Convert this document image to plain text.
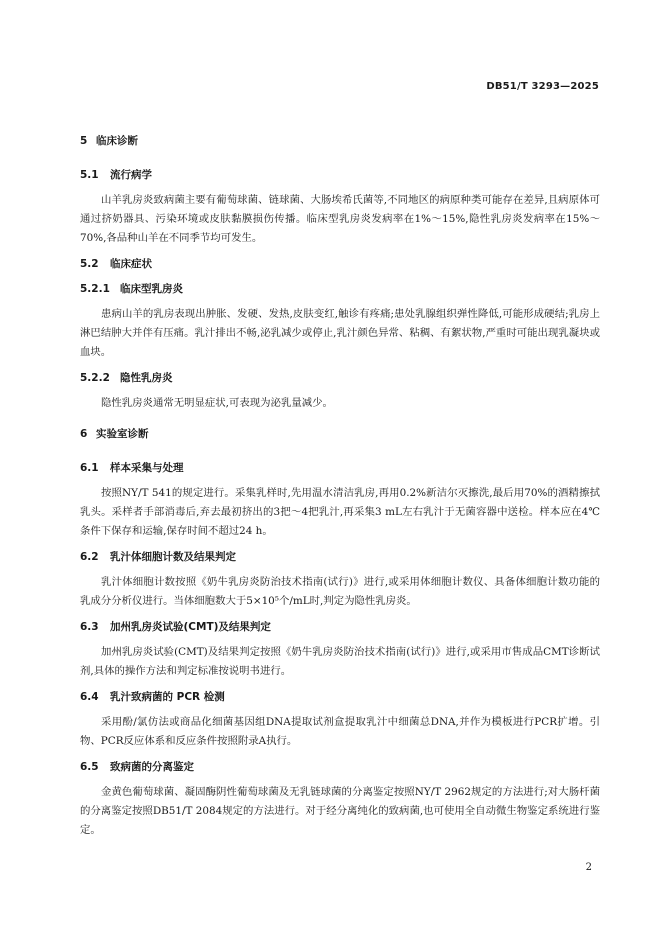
DB51/T 3293—2025
5 临床诊断
5.1	流行病学

山羊乳房炎致病菌主要有葡萄球菌、链球菌、大肠埃希氏菌等,不同地区的病原种类可能存在差异,且病原体可通过挤奶器具、污染环境或皮肤黏膜损伤传播。临床型乳房炎发病率在1%～15%,隐性乳房炎发病率在15%～70%,各品种山羊在不同季节均可发生。

5.2	临床症状
5.2.1 临床型乳房炎

患病山羊的乳房表现出肿胀、发硬、发热,皮肤变红,触诊有疼痛;患处乳腺组织弹性降低,可能形成硬结;乳房上淋巴结肿大并伴有压痛。乳汁排出不畅,泌乳减少或停止,乳汁颜色异常、粘稠、有絮状物,严重时可能出现乳凝块或血块。

5.2.2 隐性乳房炎

隐性乳房炎通常无明显症状,可表现为泌乳量减少。

6 实验室诊断
6.1	样本采集与处理

按照NY/T 541的规定进行。采集乳样时,先用温水清洁乳房,再用0.2%新洁尔灭擦洗,最后用70%的酒精擦拭乳头。采样者手部消毒后,弃去最初挤出的3把～4把乳汁,再采集3 mL左右乳汁于无菌容器中送检。样本应在4℃ 条件下保存和运输,保存时间不超过24 h。

6.2	乳汁体细胞计数及结果判定

乳汁体细胞计数按照《奶牛乳房炎防治技术指南(试行)》进行,或采用体细胞计数仪、具备体细胞计数功能的乳成分分析仪进行。当体细胞数大于5×10⁵个/mL时,判定为隐性乳房炎。

6.3	加州乳房炎试验(CMT)及结果判定

加州乳房炎试验(CMT)及结果判定按照《奶牛乳房炎防治技术指南(试行)》进行,或采用市售成品CMT诊断试剂,具体的操作方法和判定标准按说明书进行。

6.4	乳汁致病菌的 PCR 检测

采用酚/氯仿法或商品化细菌基因组DNA提取试剂盒提取乳汁中细菌总DNA,并作为模板进行PCR扩增。引物、PCR反应体系和反应条件按照附录A执行。

6.5	致病菌的分离鉴定

金黄色葡萄球菌、凝固酶阴性葡萄球菌及无乳链球菌的分离鉴定按照NY/T 2962规定的方法进行;对大肠杆菌的分离鉴定按照DB51/T 2084规定的方法进行。对于经分离纯化的致病菌,也可使用全自动微生物鉴定系统进行鉴定。

2
